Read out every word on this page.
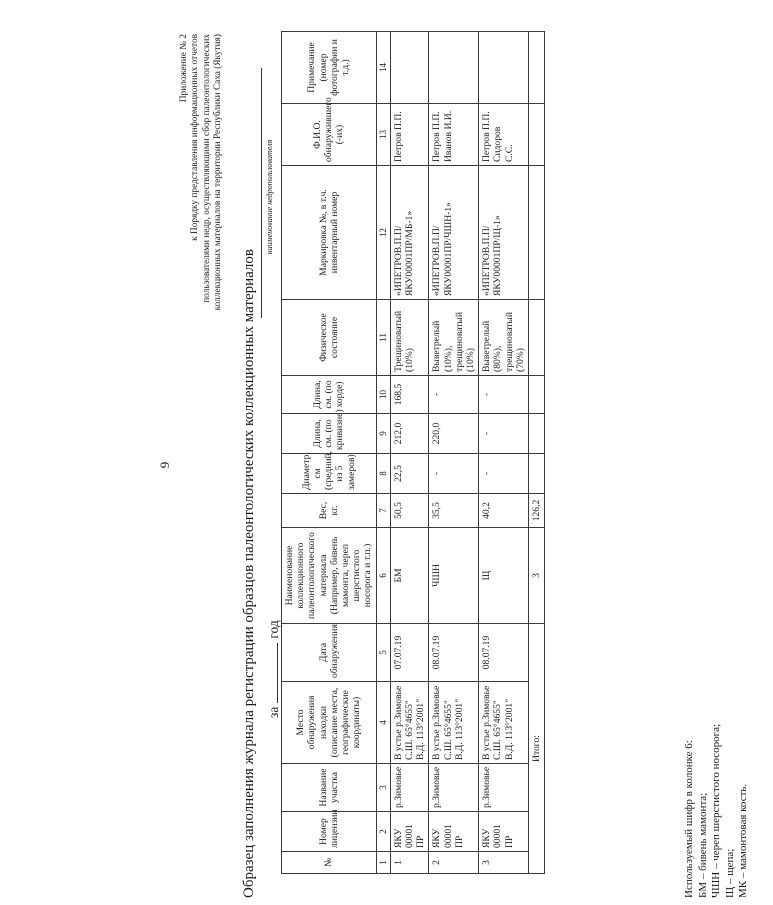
9
Приложение № 2 к Порядку представления информационных отчетов пользователями недр, осуществляющими сбор палеонтологических коллекционных материалов на территории Республики Саха (Якутия)
Образец заполнения журнала регистрации образцов палеонтологических коллекционных материалов
наименование недропользователя
загод
№	Номер лицензии	Название участка	Место обнаружения находки (описание места, географические координаты)	Дата обнаружения	Наименование коллекционного палеонтологического материала (Например, бивень мамонта, череп шерстистого носорога и т.п.)	Вес, кг.	Диаметр, см (средний, из 5 замеров)	Длина, см. (по кривизне)	Длина, см. (по хорде)	Физическое состояние	Маркировка №, в т.ч. инвентарный номер	Ф.И.О. обнаружившего (-их)	Примечание (номер фотографии и т.д.)
1	2	3	4	5	6	7	8	9	10	11	12	13	14
1	ЯКУ 00001 ПР	р.Зимовье	В устье р.Зимовье С.Ш. 65°4655" В.Д. 113°2001"	07.07.19	БМ	50,5	22,5	212,0	168,5	Трещиноватый (10%)	«ИПЕТРОВ.П.П/ ЯКУ00001ПР/МБ-1»	Петров П.П.	
2	ЯКУ 00001 ПР	р.Зимовье	В устье р.Зимовье С.Ш. 65°4655" В.Д. 113°2001"	08.07.19	ЧШН	35,5	-	220,0	-	Выветрелый (10%), трещиноватый (10%)	«ИПЕТРОВ.П.П/ ЯКУ00001ПР/ЧШН-1»	Петров П.П. Иванов И.И.	
3	ЯКУ 00001 ПР	р.Зимовье	В устье р.Зимовье С.Ш. 65°4655" В.Д. 113°2001"	08.07.19	Щ	40,2	-	-	-	Выветрелый (80%), трещиноватый (70%)	«ИПЕТРОВ.П.П/ ЯКУ00001ПР/Щ-1»	Петров П.П. Сидоров С.С.	
Итого:					3	126,2							
Используемый шифр в колонке 6: БМ – бивень мамонта; ЧШН – череп шерстистого носорога; Щ – щепа; МК – мамонтовая кость.
